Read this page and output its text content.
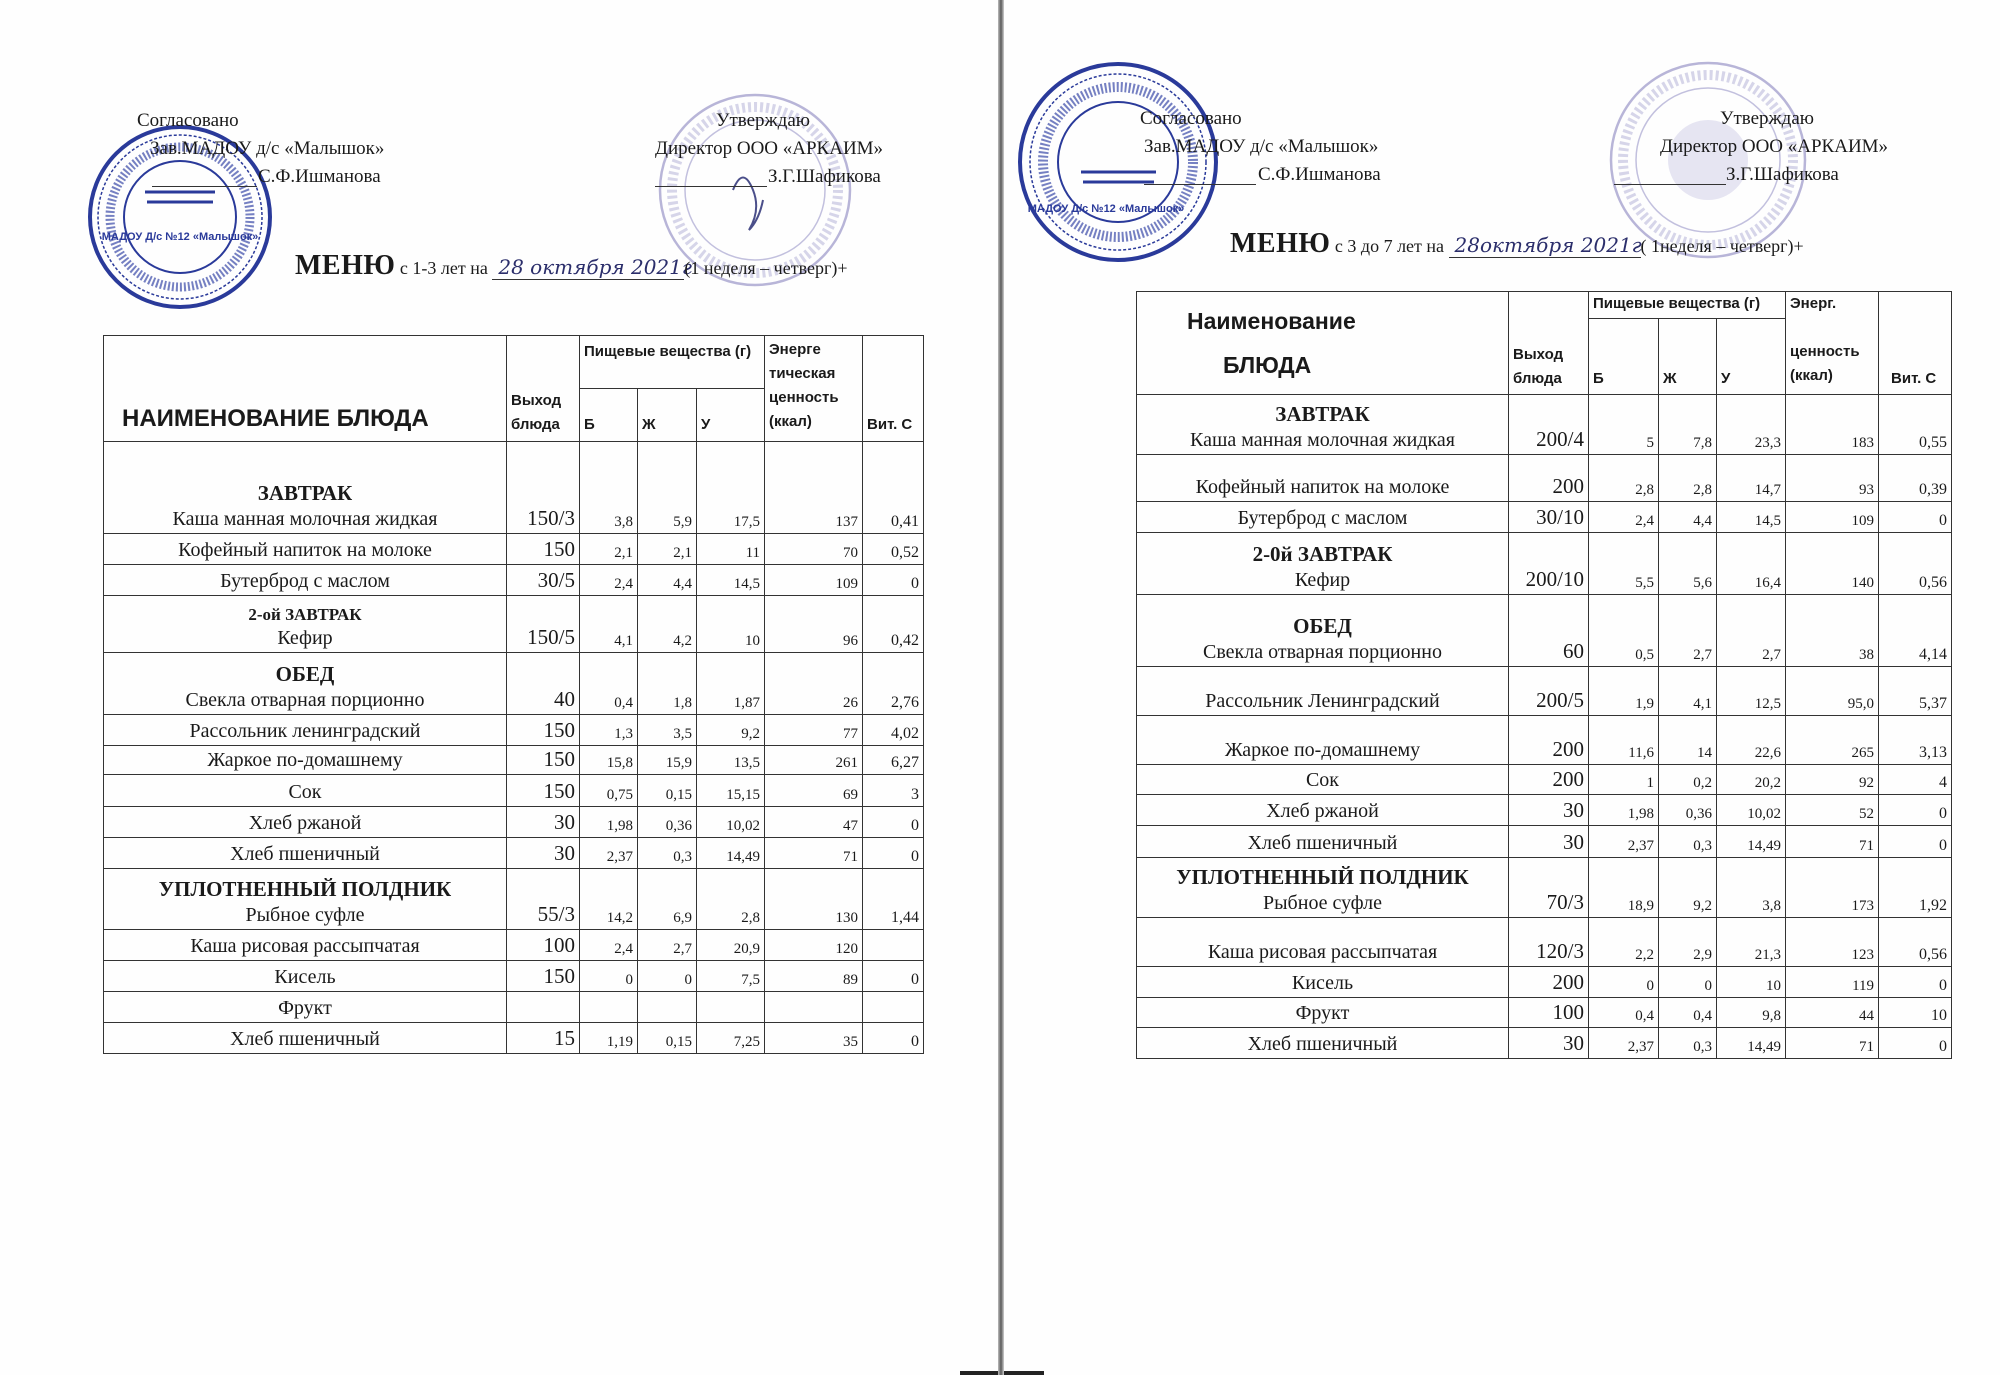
МАДОУ Д/с №12 «Малышок»
Согласовано
Зав.МАДОУ д/с «Малышок»
С.Ф.Ишманова
Утверждаю
Директор ООО «АРКАИМ»
З.Г.Шафикова
МЕНЮ с 1-3 лет на 28 октября 2021г(1 неделя – четверг)+
НАИМЕНОВАНИЕ БЛЮДА	Выход блюда	Пищевые вещества (г)			Энерге тическая ценность (ккал)	Вит. С
		Б	Ж	У		

ЗАВТРАК
Каша манная молочная жидкая	150/3	3,8	5,9	17,5	137	0,41
Кофейный напиток на молоке	150	2,1	2,1	11	70	0,52
Бутерброд с маслом	30/5	2,4	4,4	14,5	109	0

2-ой ЗАВТРАК
Кефир	150/5	4,1	4,2	10	96	0,42

ОБЕД
Свекла отварная порционно	40	0,4	1,8	1,87	26	2,76
Рассольник ленинградский	150	1,3	3,5	9,2	77	4,02
Жаркое по-домашнему	150	15,8	15,9	13,5	261	6,27
Сок	150	0,75	0,15	15,15	69	3
Хлеб ржаной	30	1,98	0,36	10,02	47	0
Хлеб пшеничный	30	2,37	0,3	14,49	71	0

УПЛОТНЕННЫЙ ПОЛДНИК
Рыбное суфле	55/3	14,2	6,9	2,8	130	1,44
Каша рисовая рассыпчатая	100	2,4	2,7	20,9	120	
Кисель	150	0	0	7,5	89	0
Фрукт						
Хлеб пшеничный	15	1,19	0,15	7,25	35	0
МАДОУ Д/с №12 «Малышок»
Согласовано
Зав.МАДОУ д/с «Малышок»
С.Ф.Ишманова
Утверждаю
Директор ООО «АРКАИМ»
З.Г.Шафикова
МЕНЮ с 3 до 7 лет на 28октября 2021г( 1неделя – четверг)+
Наименование
БЛЮДА	Выход блюда	Пищевые вещества (г)			Энерг.

ценность (ккал)	Вит. С
		Б	Ж	У		

ЗАВТРАК
Каша манная молочная жидкая	200/4	5	7,8	23,3	183	0,55
Кофейный напиток на молоке	200	2,8	2,8	14,7	93	0,39
Бутерброд с маслом	30/10	2,4	4,4	14,5	109	0

2-0й ЗАВТРАК
Кефир	200/10	5,5	5,6	16,4	140	0,56

ОБЕД
Свекла отварная порционно	60	0,5	2,7	2,7	38	4,14
Рассольник Ленинградский	200/5	1,9	4,1	12,5	95,0	5,37
Жаркое по-домашнему	200	11,6	14	22,6	265	3,13
Сок	200	1	0,2	20,2	92	4
Хлеб ржаной	30	1,98	0,36	10,02	52	0
Хлеб пшеничный	30	2,37	0,3	14,49	71	0

УПЛОТНЕННЫЙ ПОЛДНИК
Рыбное суфле	70/3	18,9	9,2	3,8	173	1,92
Каша рисовая рассыпчатая	120/3	2,2	2,9	21,3	123	0,56
Кисель	200	0	0	10	119	0
Фрукт	100	0,4	0,4	9,8	44	10
Хлеб пшеничный	30	2,37	0,3	14,49	71	0
